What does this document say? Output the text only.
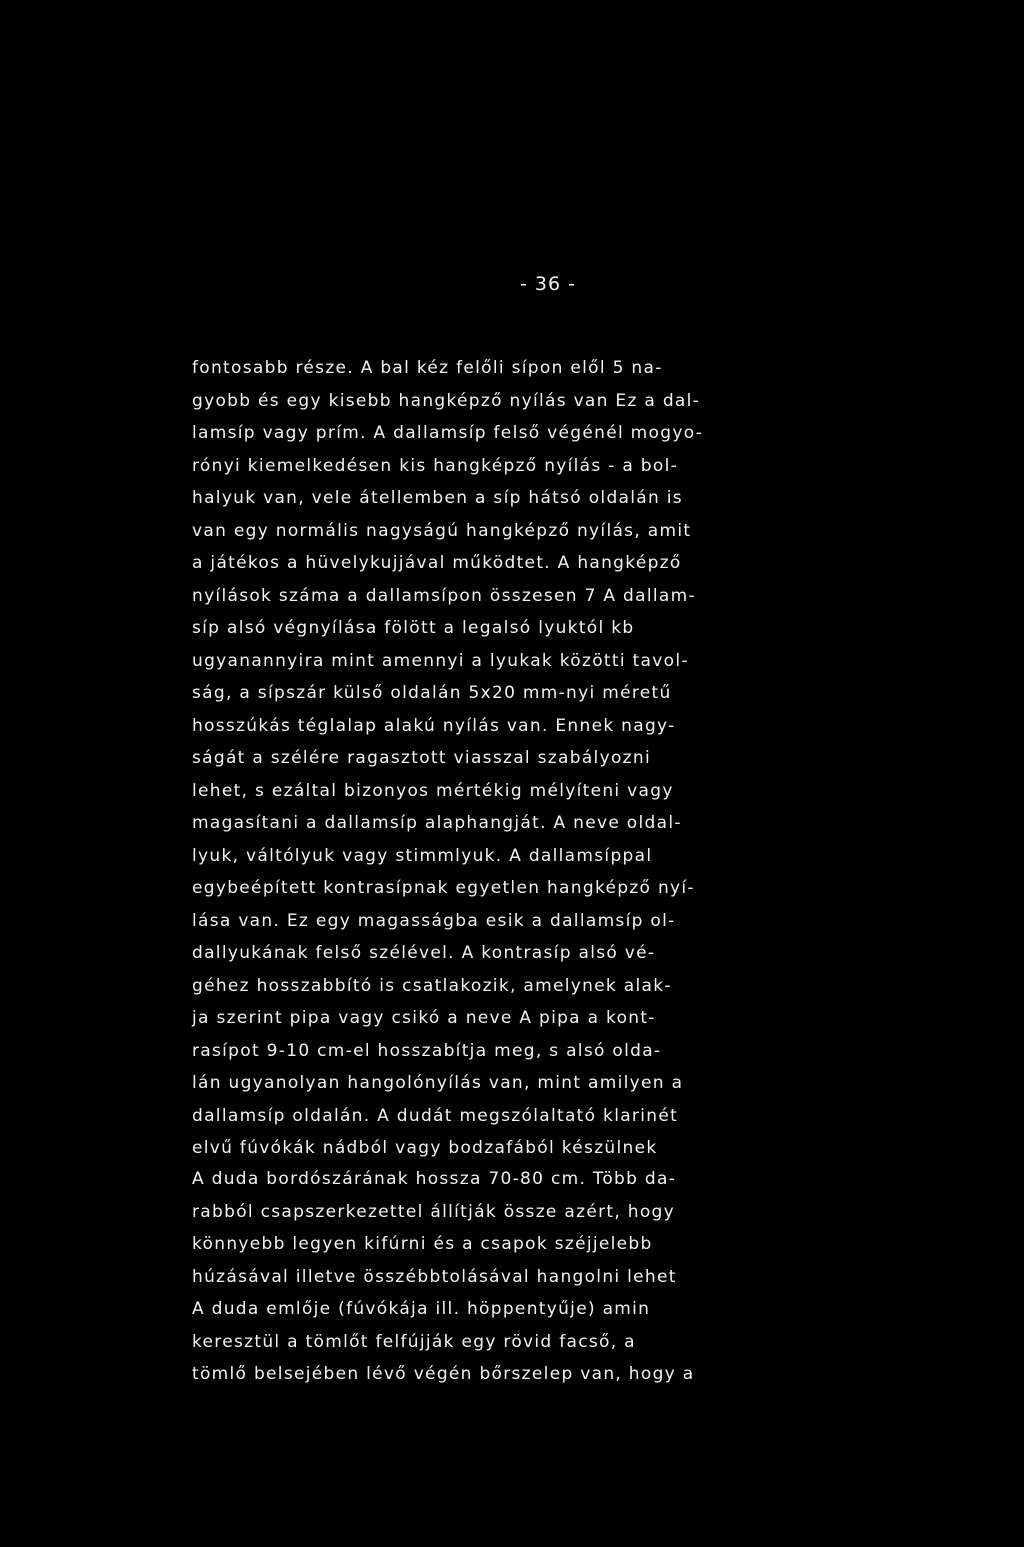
- 36 -
fontosabb része. A bal kéz felőli sípon elől 5 na-
gyobb és egy kisebb hangképző nyílás van Ez a dal-
lamsíp vagy prím. A dallamsíp felső végénél mogyo-
rónyi kiemelkedésen kis hangképző nyílás - a bol-
halyuk van, vele átellemben a síp hátsó oldalán is
van egy normális nagyságú hangképző nyílás, amit
a játékos a hüvelykujjával működtet. A hangképző
nyílások száma a dallamsípon összesen 7 A dallam-
síp alsó végnyílása fölött a legalsó lyuktól kb
ugyanannyira mint amennyi a lyukak közötti tavol-
ság, a sípszár külső oldalán 5x20 mm-nyi méretű
hosszúkás téglalap alakú nyílás van. Ennek nagy-
ságát a szélére ragasztott viasszal szabályozni
lehet, s ezáltal bizonyos mértékig mélyíteni vagy
magasítani a dallamsíp alaphangját. A neve oldal-
lyuk, váltólyuk vagy stimmlyuk. A dallamsíppal
egybeépített kontrasípnak egyetlen hangképző nyí-
lása van. Ez egy magasságba esik a dallamsíp ol-
dallyukának felső szélével. A kontrasíp alsó vé-
géhez hosszabbító is csatlakozik, amelynek alak-
ja szerint pipa vagy csikó a neve A pipa a kont-
rasípot 9-10 cm-el hosszabítja meg, s alsó olda-
lán ugyanolyan hangolónyílás van, mint amilyen a
dallamsíp oldalán. A dudát megszólaltató klarinét
elvű fúvókák nádból vagy bodzafából készülnek
A duda bordószárának hossza 70-80 cm. Több da-
rabból csapszerkezettel állítják össze azért, hogy
könnyebb legyen kifúrni és a csapok széjjelebb
húzásával illetve összébbtolásával hangolni lehet
A duda emlője (fúvókája ill. höppentyűje) amin
keresztül a tömlőt felfújják egy rövid facső, a
tömlő belsejében lévő végén bőrszelep van, hogy a
